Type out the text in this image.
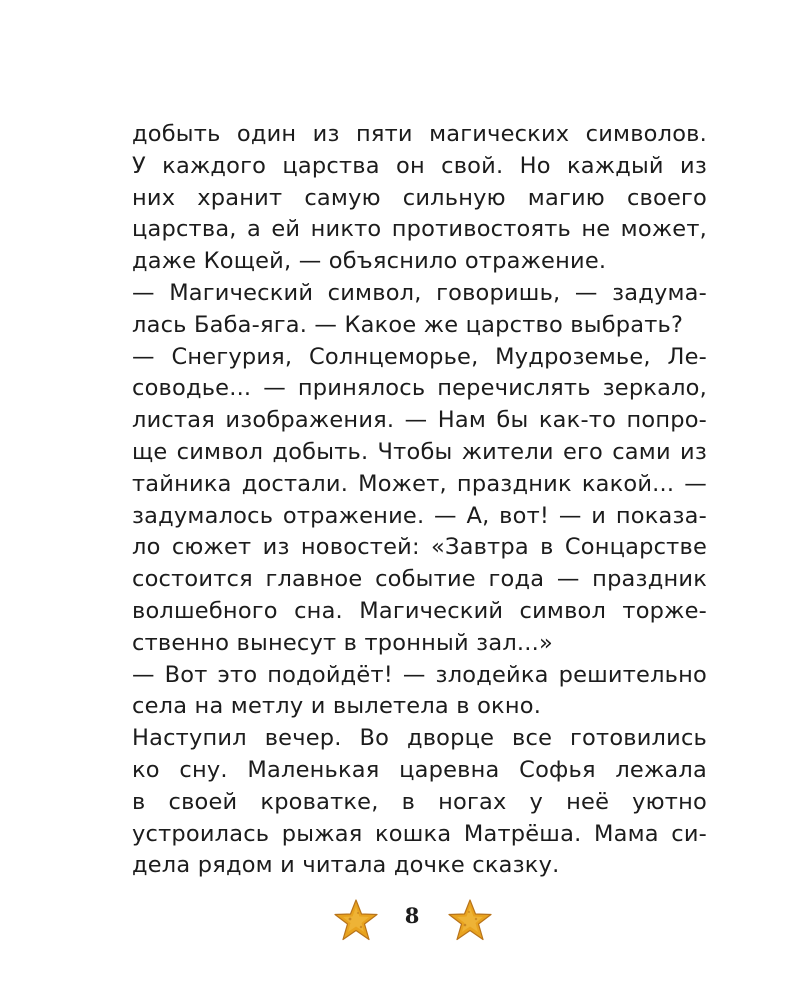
добыть один из пяти магических символов.
У каждого царства он свой. Но каждый из
них хранит самую сильную магию своего
царства, а ей никто противостоять не может,
даже Кощей, — объяснило отражение.
— Магический символ, говоришь, — задума-
лась Баба-яга. — Какое же царство выбрать?
— Снегурия, Солнцеморье, Мудроземье, Ле-
соводье... — принялось перечислять зеркало,
листая изображения. — Нам бы как-то попро-
ще символ добыть. Чтобы жители его сами из
тайника достали. Может, праздник какой... —
задумалось отражение. — А, вот! — и показа-
ло сюжет из новостей: «Завтра в Сонцарстве
состоится главное событие года — праздник
волшебного сна. Магический символ торже-
ственно вынесут в тронный зал...»
— Вот это подойдёт! — злодейка решительно
села на метлу и вылетела в окно.
Наступил вечер. Во дворце все готовились
ко сну. Маленькая царевна Софья лежала
в своей кроватке, в ногах у неё уютно
устроилась рыжая кошка Матрёша. Мама си-
дела рядом и читала дочке сказку.
8
